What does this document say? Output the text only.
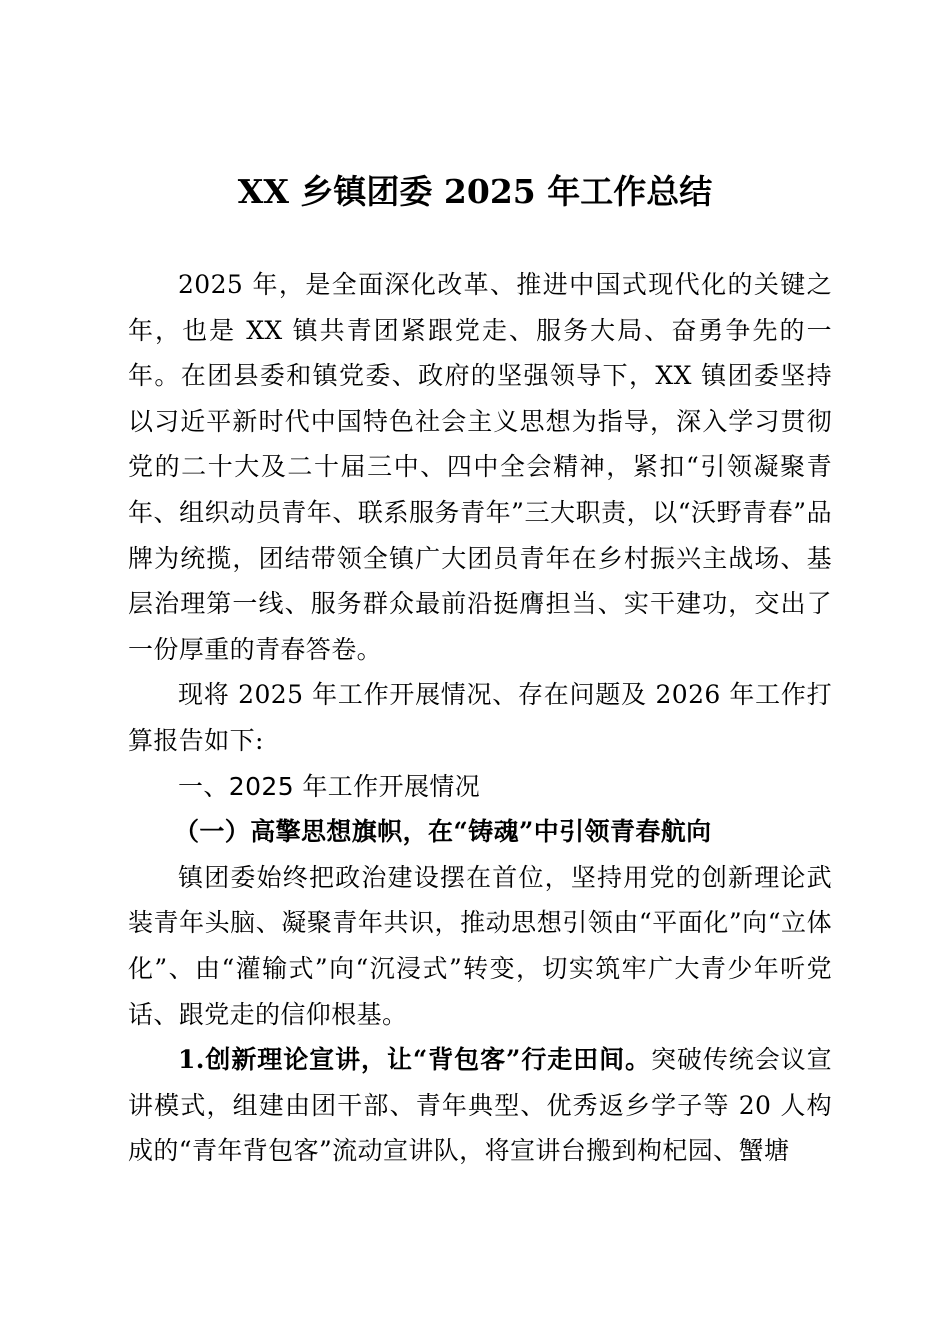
XX 乡镇团委 2025 年工作总结

2025 年，是全面深化改革、推进中国式现代化的关键之年，也是 XX 镇共青团紧跟党走、服务大局、奋勇争先的一年。在团县委和镇党委、政府的坚强领导下，XX 镇团委坚持以习近平新时代中国特色社会主义思想为指导，深入学习贯彻党的二十大及二十届三中、四中全会精神，紧扣“引领凝聚青年、组织动员青年、联系服务青年”三大职责，以“沃野青春”品牌为统揽，团结带领全镇广大团员青年在乡村振兴主战场、基层治理第一线、服务群众最前沿挺膺担当、实干建功，交出了一份厚重的青春答卷。

现将 2025 年工作开展情况、存在问题及 2026 年工作打算报告如下:

一、2025 年工作开展情况

（一）高擎思想旗帜，在“铸魂”中引领青春航向

镇团委始终把政治建设摆在首位，坚持用党的创新理论武装青年头脑、凝聚青年共识，推动思想引领由“平面化”向“立体化”、由“灌输式”向“沉浸式”转变，切实筑牢广大青少年听党话、跟党走的信仰根基。

1.创新理论宣讲，让“背包客”行走田间。突破传统会议宣讲模式，组建由团干部、青年典型、优秀返乡学子等 20 人构成的“青年背包客”流动宣讲队，将宣讲台搬到枸杞园、蟹塘
